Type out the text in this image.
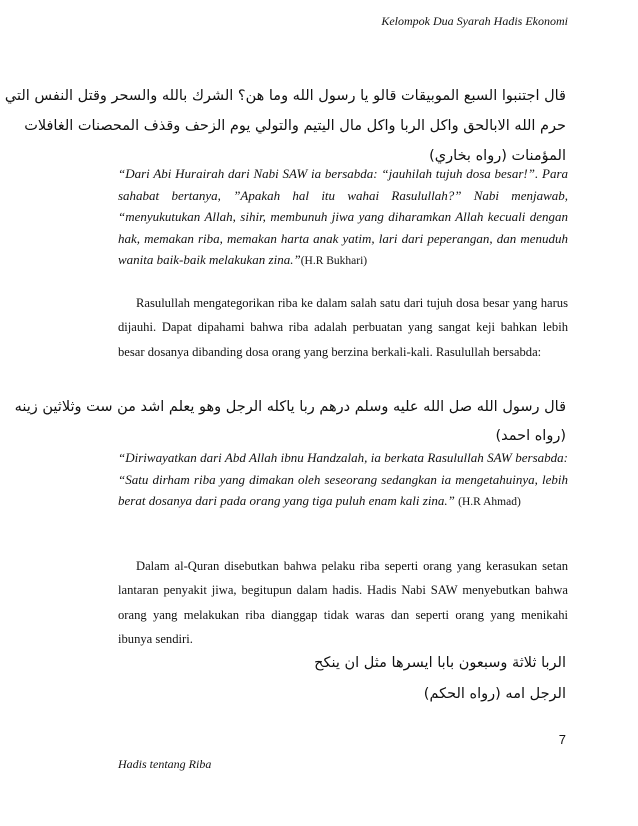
Kelompok Dua Syarah Hadis Ekonomi
قال اجتنبوا السبع الموبيقات قالو يا رسول الله وما هن؟ الشرك بالله والسحر وقتل النفس التي
حرم الله الابالحق واكل الربا واكل مال اليتيم والتولي يوم الزحف وقذف المحصنات الغافلات
المؤمنات (رواه بخاري)

“Dari Abi Hurairah dari Nabi SAW ia bersabda: “jauhilah tujuh dosa besar!”. Para sahabat bertanya, ”Apakah hal itu wahai Rasulullah?” Nabi menjawab, “menyukutukan Allah, sihir, membunuh jiwa yang diharamkan Allah kecuali dengan hak, memakan riba, memakan harta anak yatim, lari dari peperangan, dan menuduh wanita baik-baik melakukan zina.”(H.R Bukhari)

Rasulullah mengategorikan riba ke dalam salah satu dari tujuh dosa besar yang harus dijauhi. Dapat dipahami bahwa riba adalah perbuatan yang sangat keji bahkan lebih besar dosanya dibanding dosa orang yang berzina berkali-kali. Rasulullah bersabda:

قال رسول الله صل الله عليه وسلم درهم ربا ياكله الرجل وهو يعلم اشد من ست وثلاثين زينه
(رواه احمد)

“Diriwayatkan dari Abd Allah ibnu Handzalah, ia berkata Rasulullah SAW bersabda: “Satu dirham riba yang dimakan oleh seseorang sedangkan ia mengetahuinya, lebih berat dosanya dari pada orang yang tiga puluh enam kali zina.” (H.R Ahmad)

Dalam al-Quran disebutkan bahwa pelaku riba seperti orang yang kerasukan setan lantaran penyakit jiwa, begitupun dalam hadis. Hadis Nabi SAW menyebutkan bahwa orang yang melakukan riba dianggap tidak waras dan seperti orang yang menikahi ibunya sendiri.

الربا ثلاثة وسبعون بابا ايسرها مثل ان ينكح
الرجل امه (رواه الحكم)
7
Hadis tentang Riba
